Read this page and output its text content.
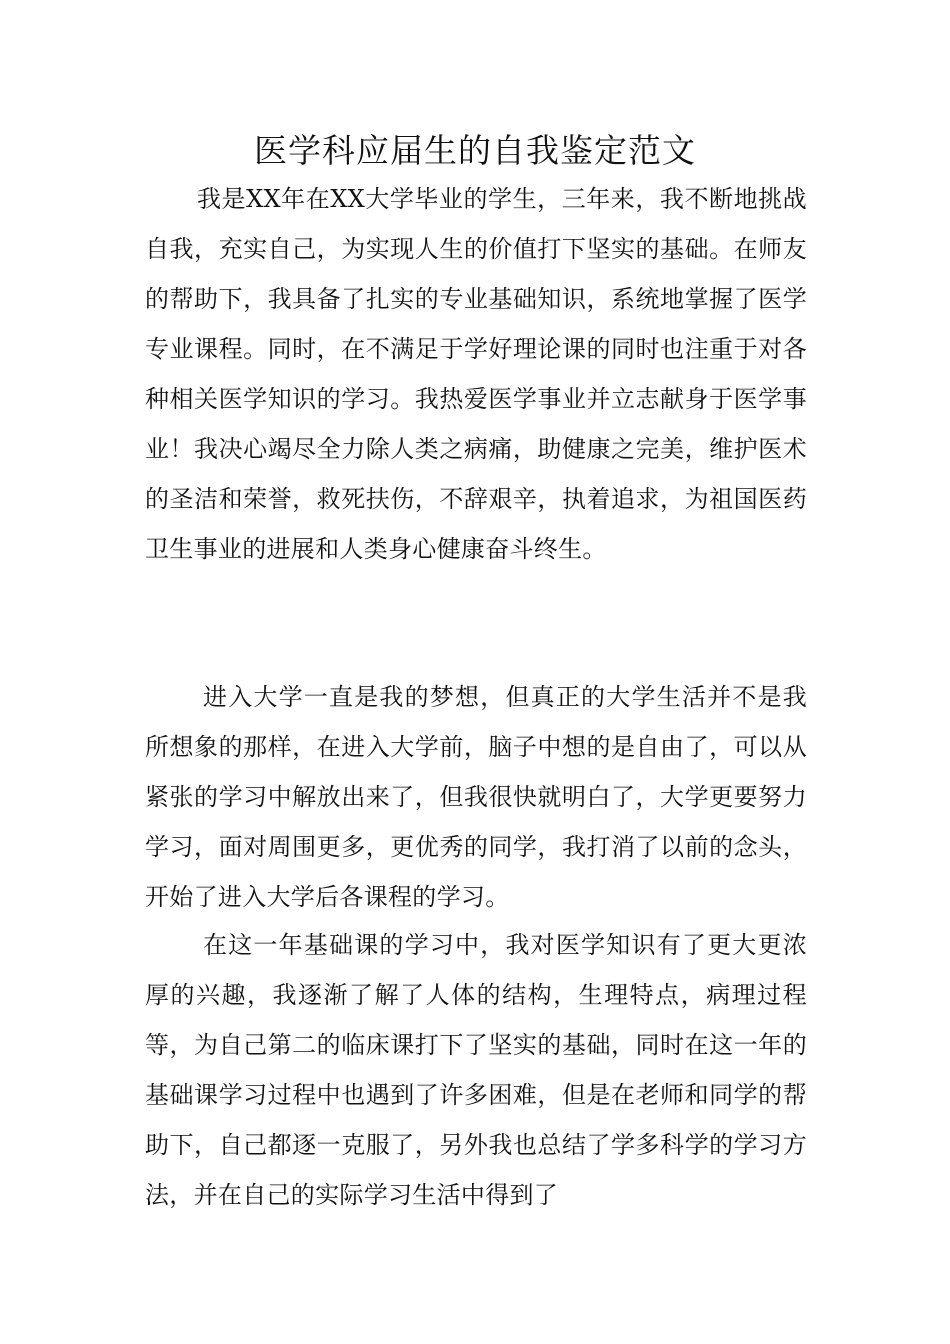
医学科应届生的自我鉴定范文

我是XX年在XX大学毕业的学生，三年来，我不断地挑战自我，充实自己，为实现人生的价值打下坚实的基础。在师友的帮助下，我具备了扎实的专业基础知识，系统地掌握了医学专业课程。同时，在不满足于学好理论课的同时也注重于对各种相关医学知识的学习。我热爱医学事业并立志献身于医学事业！我决心竭尽全力除人类之病痛，助健康之完美，维护医术的圣洁和荣誉，救死扶伤，不辞艰辛，执着追求，为祖国医药卫生事业的进展和人类身心健康奋斗终生。

进入大学一直是我的梦想，但真正的大学生活并不是我所想象的那样，在进入大学前，脑子中想的是自由了，可以从紧张的学习中解放出来了，但我很快就明白了，大学更要努力学习，面对周围更多，更优秀的同学，我打消了以前的念头，开始了进入大学后各课程的学习。

在这一年基础课的学习中，我对医学知识有了更大更浓厚的兴趣，我逐渐了解了人体的结构，生理特点，病理过程等，为自己第二的临床课打下了坚实的基础，同时在这一年的基础课学习过程中也遇到了许多困难，但是在老师和同学的帮助下，自己都逐一克服了，另外我也总结了学多科学的学习方法，并在自己的实际学习生活中得到了
